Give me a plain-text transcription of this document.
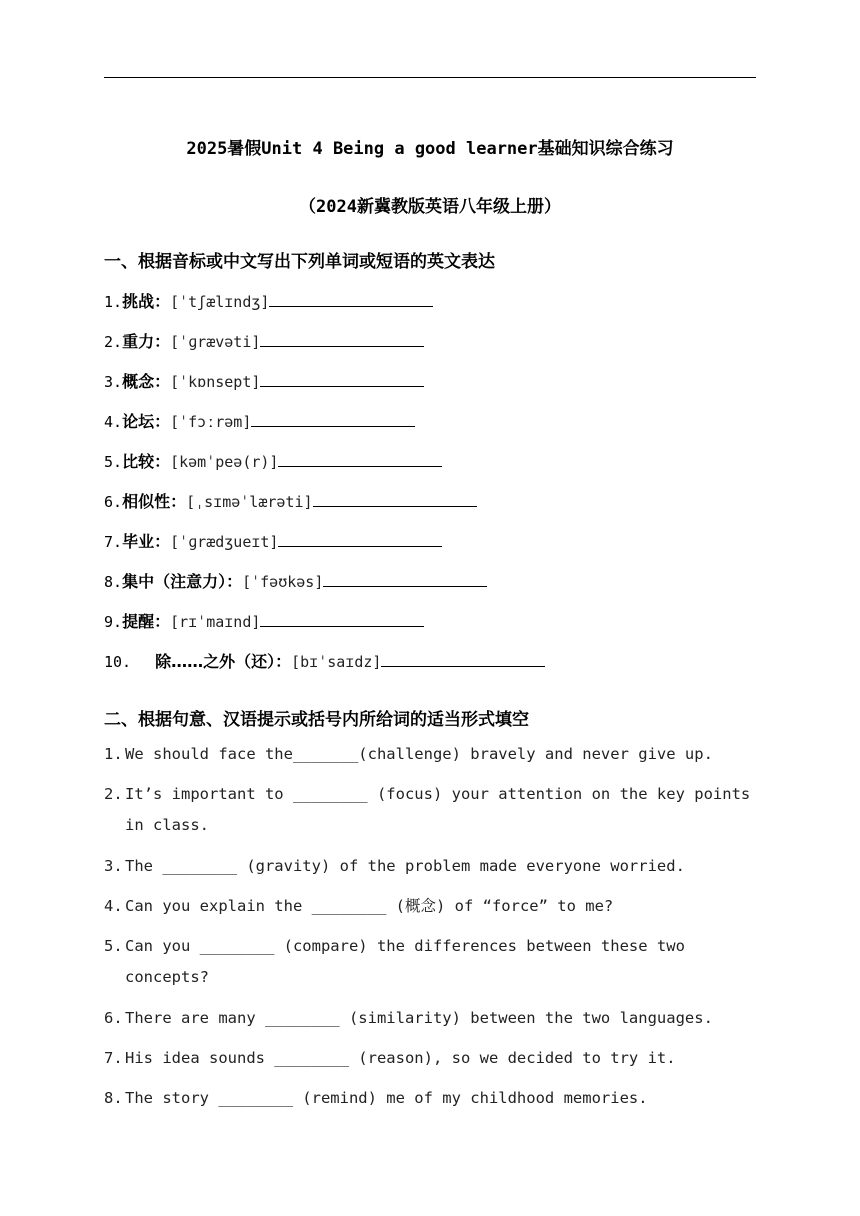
2025暑假Unit 4 Being a good learner基础知识综合练习
（2024新冀教版英语八年级上册）
一、根据音标或中文写出下列单词或短语的英文表达
1.挑战：[ˈtʃælɪndʒ]
2.重力：[ˈɡrævəti]
3.概念：[ˈkɒnsept]
4.论坛：[ˈfɔːrəm]
5.比较：[kəmˈpeə(r)]
6.相似性：[ˌsɪməˈlærəti]
7.毕业：[ˈɡrædʒueɪt]
8.集中（注意力）：[ˈfəʊkəs]
9.提醒：[rɪˈmaɪnd]
10. 除……之外（还）：[bɪˈsaɪdz]
二、根据句意、汉语提示或括号内所给词的适当形式填空
1. We should face the_______(challenge) bravely and never give up.
2. It’s important to ________ (focus) your attention on the key points in class.
3. The ________ (gravity) of the problem made everyone worried.
4. Can you explain the ________ (概念) of “force” to me?
5. Can you ________ (compare) the differences between these two concepts?
6. There are many ________ (similarity) between the two languages.
7. His idea sounds ________ (reason), so we decided to try it.
8. The story ________ (remind) me of my childhood memories.
